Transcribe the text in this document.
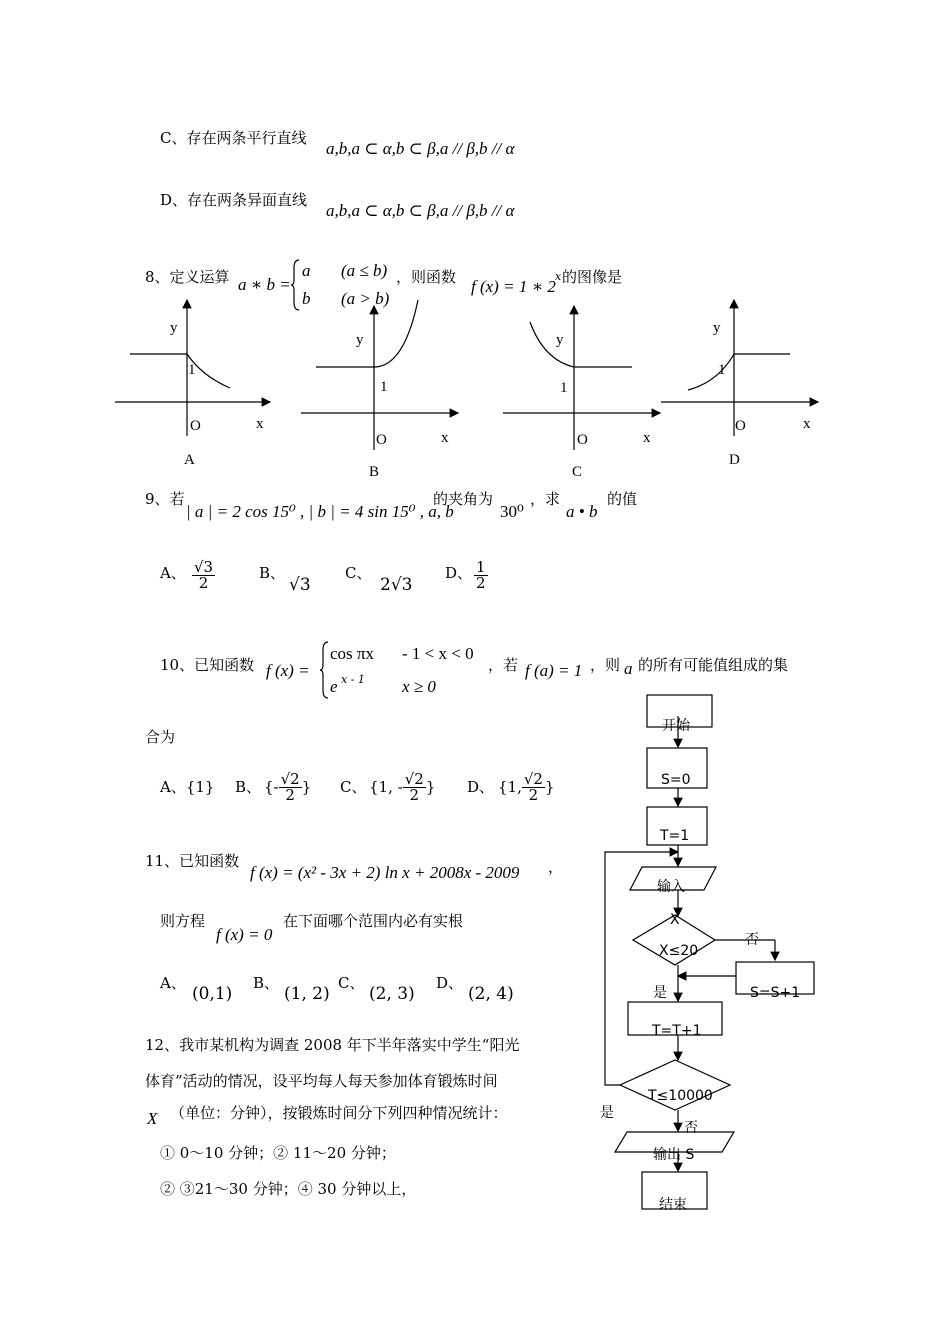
C、存在两条平行直线
a,b,a ⊂ α,b ⊂ β,a // β,b // α
D、存在两条异面直线
a,b,a ⊂ α,b ⊂ β,a // β,b // α
8、定义运算 a ∗ b =
a (a ≤ b)
b (a > b)
，则函数 f (x) = 1 ∗ 2
x 的图像是
y
1
O	x
A
y
1
O	x
B
y
1
O	x
C
y
1
O	x
D
9、若
| a | = 2 cos 15⁰ , | b | = 4 sin 15⁰ , a, b
的夹角为
30⁰
，求
a • b
的值
A、 $\frac{√3}{2}$	B、
√3
C、
2√3
D、 $\frac{1}{2}$
10、已知函数 f (x) =
cos πx - 1 < x < 0
e x - 1 x ≥ 0
，若 f (a) = 1 ，则 a 的所有可能值组成的集
合为
A、{1} B、 {- $\frac{√2}{2}$ } C、 {1, - $\frac{√2}{2}$ } D、 {1, $\frac{√2}{2}$ }
11、已知函数
f (x) = (x² - 3x + 2) ln x + 2008x - 2009 ，
则方程
f (x) = 0
在下面哪个范围内必有实根
A、
(0,1)
B、
(1, 2)
C、
(2, 3)
D、
(2, 4)
12、我市某机构为调查 2008 年下半年落实中学生“阳光
体育”活动的情况，设平均每人每天参加体育锻炼时间
X （单位：分钟），按锻炼时间分下列四种情况统计：
① 0～10 分钟；② 11～20 分钟；
② ③21～30 分钟；④ 30 分钟以上，
开始
S=0
T=1
输入
X
X≤20
否
S=S+1
是
T=T+1
T≤10000
是
否
输出 S
结束
